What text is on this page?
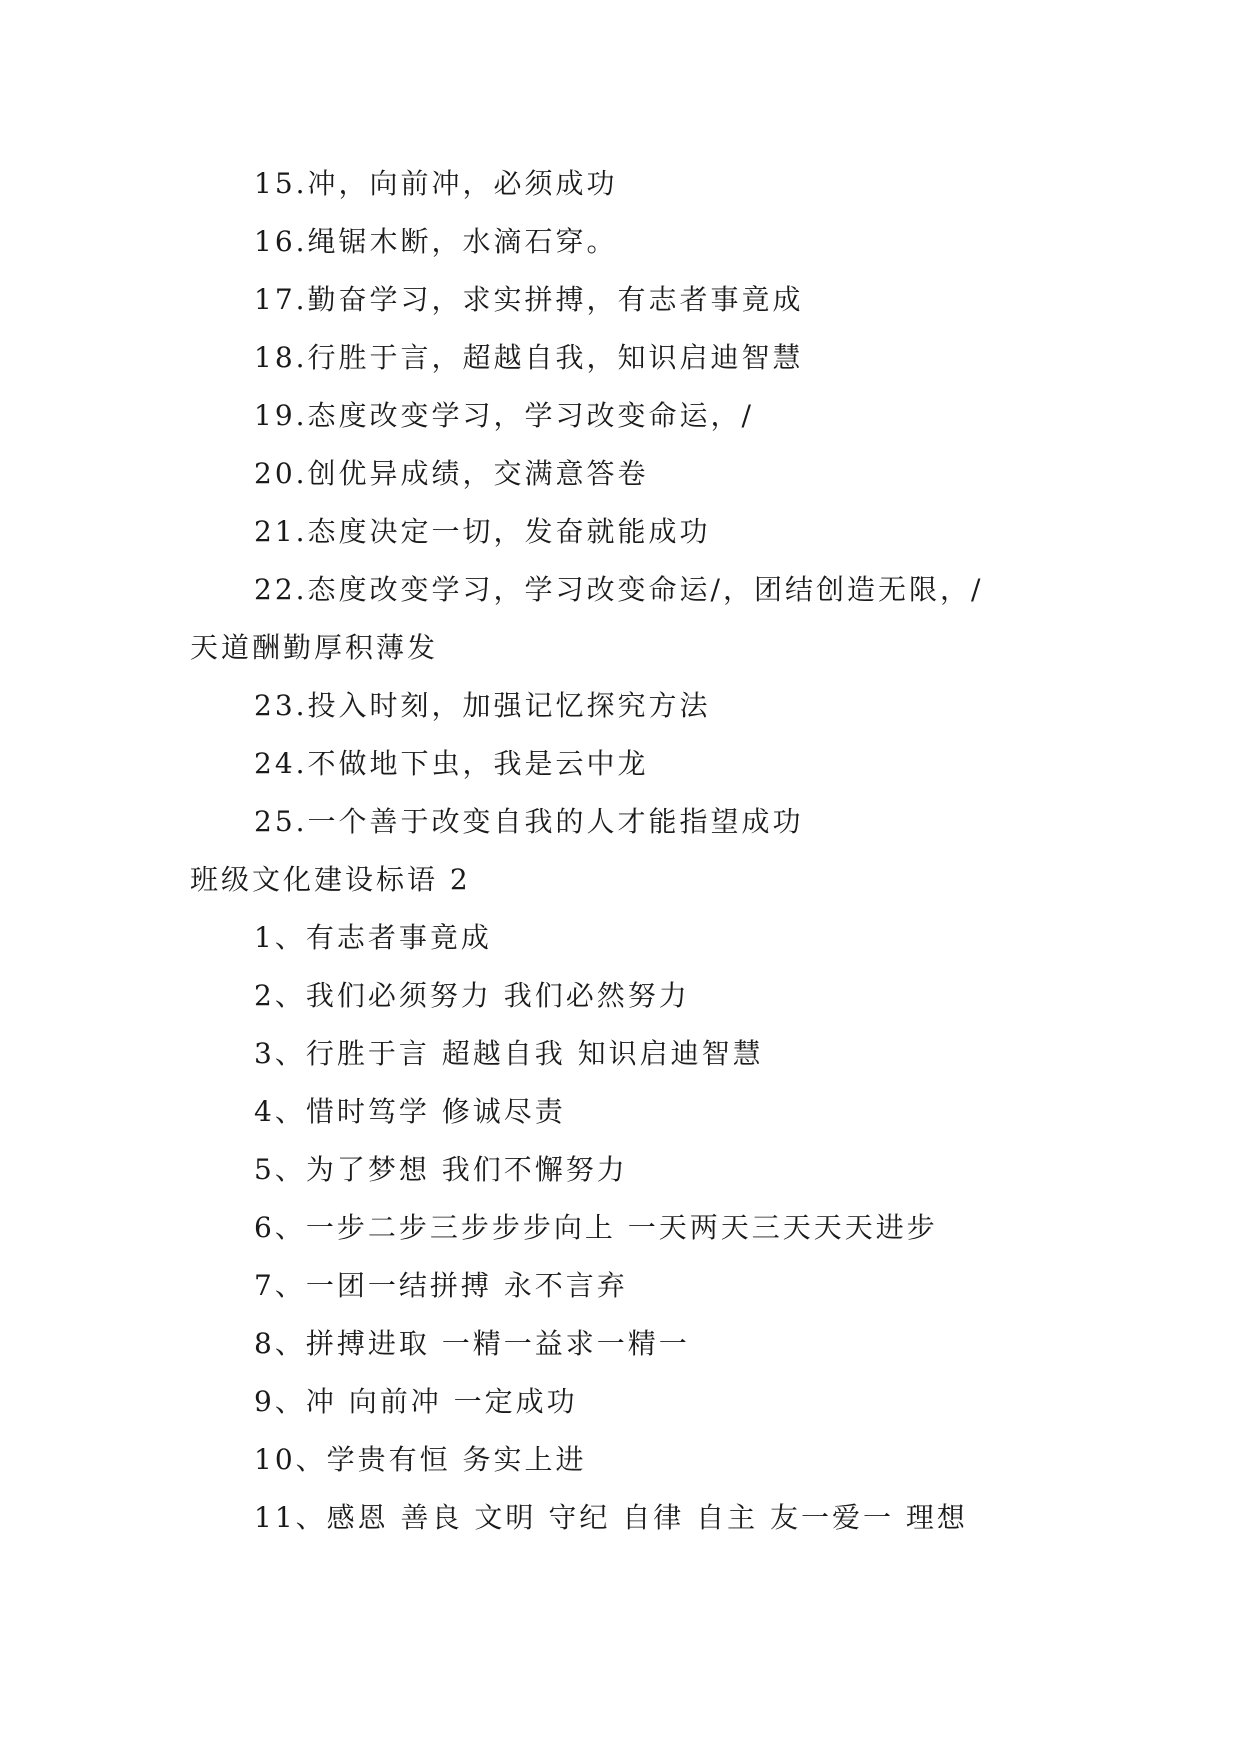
15.冲，向前冲，必须成功
16.绳锯木断，水滴石穿。
17.勤奋学习，求实拼搏，有志者事竟成
18.行胜于言，超越自我，知识启迪智慧
19.态度改变学习，学习改变命运，/
20.创优异成绩，交满意答卷
21.态度决定一切，发奋就能成功
22.态度改变学习，学习改变命运/，团结创造无限，/
天道酬勤厚积薄发
23.投入时刻，加强记忆探究方法
24.不做地下虫，我是云中龙
25.一个善于改变自我的人才能指望成功
班级文化建设标语 2
1、有志者事竟成
2、我们必须努力 我们必然努力
3、行胜于言 超越自我 知识启迪智慧
4、惜时笃学 修诚尽责
5、为了梦想 我们不懈努力
6、一步二步三步步步向上 一天两天三天天天进步
7、一团一结拼搏 永不言弃
8、拼搏进取 一精一益求一精一
9、冲 向前冲 一定成功
10、学贵有恒 务实上进
11、感恩 善良 文明 守纪 自律 自主 友一爱一 理想
